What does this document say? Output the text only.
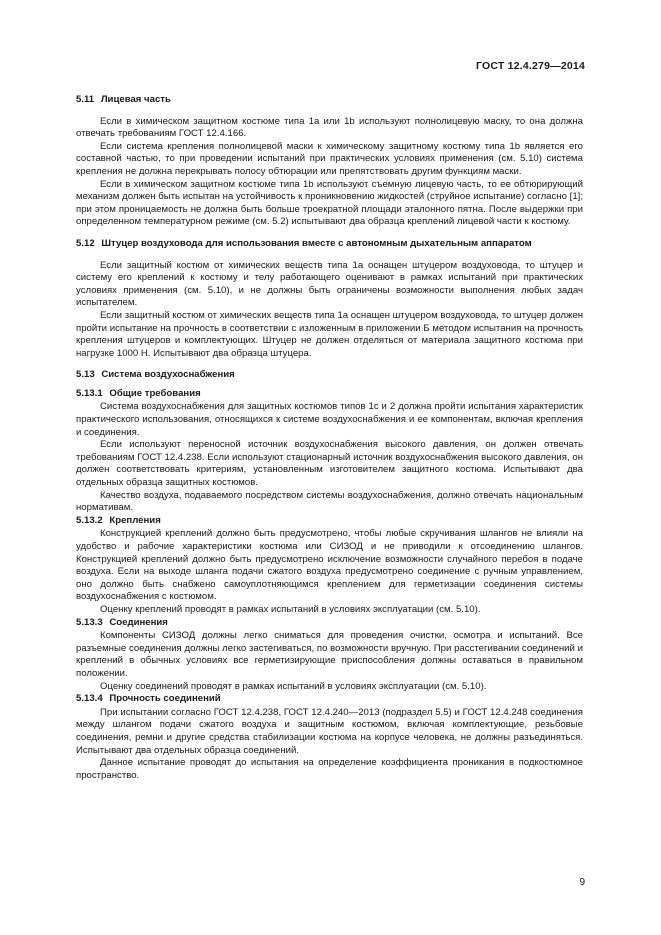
ГОСТ 12.4.279—2014
5.11 Лицевая часть
Если в химическом защитном костюме типа 1a или 1b используют полнолицевую маску, то она должна отвечать требованиям ГОСТ 12.4.166.
Если система крепления полнолицевой маски к химическому защитному костюму типа 1b является его составной частью, то при проведении испытаний при практических условиях применения (см. 5.10) система крепления не должна перекрывать полосу обтюрации или препятствовать другим функциям маски.
Если в химическом защитном костюме типа 1b используют съемную лицевую часть, то ее обтюрирующий механизм должен быть испытан на устойчивость к проникновению жидкостей (струйное испытание) согласно [1]; при этом проницаемость не должна быть больше троекратной площади эталонного пятна. После выдержки при определенном температурном режиме (см. 5.2) испытывают два образца креплений лицевой части к костюму.
5.12 Штуцер воздуховода для использования вместе с автономным дыхательным аппаратом
Если защитный костюм от химических веществ типа 1a оснащен штуцером воздуховода, то штуцер и систему его креплений к костюму и телу работающего оценивают в рамках испытаний при практических условиях применения (см. 5.10), и не должны быть ограничены возможности выполнения любых задач испытателем.
Если защитный костюм от химических веществ типа 1a оснащен штуцером воздуховода, то штуцер должен пройти испытание на прочность в соответствии с изложенным в приложении Б методом испытания на прочность крепления штуцеров и комплектующих. Штуцер не должен отделяться от материала защитного костюма при нагрузке 1000 Н. Испытывают два образца штуцера.
5.13 Система воздухоснабжения
5.13.1 Общие требования
Система воздухоснабжения для защитных костюмов типов 1c и 2 должна пройти испытания характеристик практического использования, относящихся к системе воздухоснабжения и ее компонентам, включая крепления и соединения.
Если используют переносной источник воздухоснабжения высокого давления, он должен отвечать требованиям ГОСТ 12.4.238. Если используют стационарный источник воздухоснабжения высокого давления, он должен соответствовать критериям, установленным изготовителем защитного костюма. Испытывают два отдельных образца защитных костюмов.
Качество воздуха, подаваемого посредством системы воздухоснабжения, должно отвечать национальным нормативам.
5.13.2 Крепления
Конструкцией креплений должно быть предусмотрено, чтобы любые скручивания шлангов не влияли на удобство и рабочие характеристики костюма или СИЗОД и не приводили к отсоединению шлангов. Конструкцией креплений должно быть предусмотрено исключение возможности случайного перебоя в подаче воздуха. Если на выходе шланга подачи сжатого воздуха предусмотрено соединение с ручным управлением, оно должно быть снабжено самоуплотняющимся креплением для герметизации соединения системы воздухоснабжения с костюмом.
Оценку креплений проводят в рамках испытаний в условиях эксплуатации (см. 5.10).
5.13.3 Соединения
Компоненты СИЗОД должны легко сниматься для проведения очистки, осмотра и испытаний. Все разъемные соединения должны легко застегиваться, по возможности вручную. При расстегивании соединений и креплений в обычных условиях все герметизирующие приспособления должны оставаться в правильном положении.
Оценку соединений проводят в рамках испытаний в условиях эксплуатации (см. 5.10).
5.13.4 Прочность соединений
При испытании согласно ГОСТ 12.4.238, ГОСТ 12.4.240—2013 (подраздел 5.5) и ГОСТ 12.4.248 соединения между шлангом подачи сжатого воздуха и защитным костюмом, включая комплектующие, резьбовые соединения, ремни и другие средства стабилизации костюма на корпусе человека, не должны разъединяться. Испытывают два отдельных образца соединений.
Данное испытание проводят до испытания на определение коэффициента проникания в подкостюмное пространство.
9
